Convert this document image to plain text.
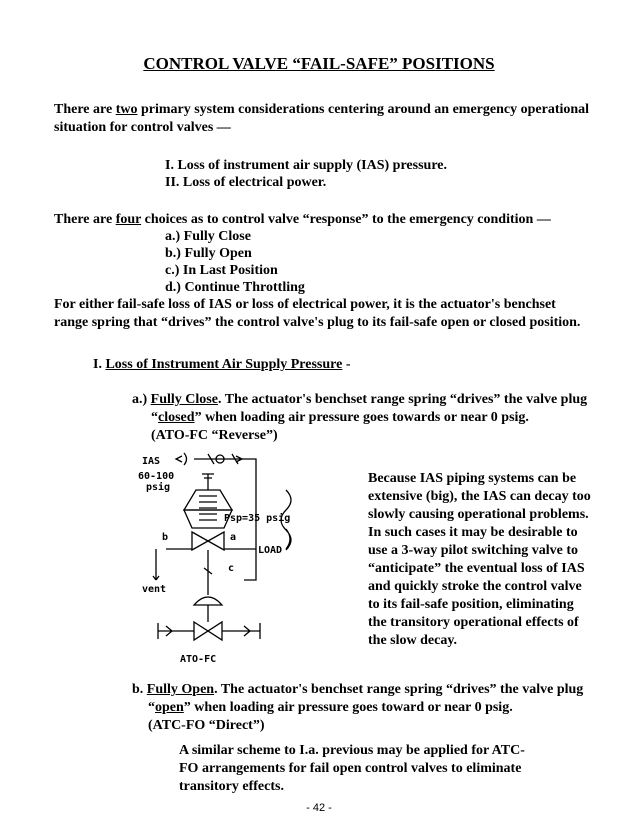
CONTROL VALVE “FAIL-SAFE” POSITIONS
There are two primary system considerations centering around an emergency operational
situation for control valves —
I. Loss of instrument air supply (IAS) pressure.
II. Loss of electrical power.
There are four choices as to control valve “response” to the emergency condition —
a.) Fully Close
b.) Fully Open
c.) In Last Position
d.) Continue Throttling
For either fail-safe loss of IAS or loss of electrical power, it is the actuator's benchset
range spring that “drives” the control valve's plug to its fail-safe open or closed position.
I. Loss of Instrument Air Supply Pressure -
a.) Fully Close. The actuator's benchset range spring “drives” the valve plug
“closed” when loading air pressure goes towards or near 0 psig.
(ATO-FC “Reverse”)
IAS
60-100
psig
Psp=35 psig
b	a
c
LOAD
vent
ATO-FC
Because IAS piping systems can be
extensive (big), the IAS can decay too
slowly causing operational problems.
In such cases it may be desirable to
use a 3-way pilot switching valve to
“anticipate” the eventual loss of IAS
and quickly stroke the control valve
to its fail-safe position, eliminating
the transitory operational effects of
the slow decay.
b. Fully Open. The actuator's benchset range spring “drives” the valve plug
“open” when loading air pressure goes toward or near 0 psig.
(ATC-FO “Direct”)
A similar scheme to I.a. previous may be applied for ATC-
FO arrangements for fail open control valves to eliminate
transitory effects.
- 42 -
